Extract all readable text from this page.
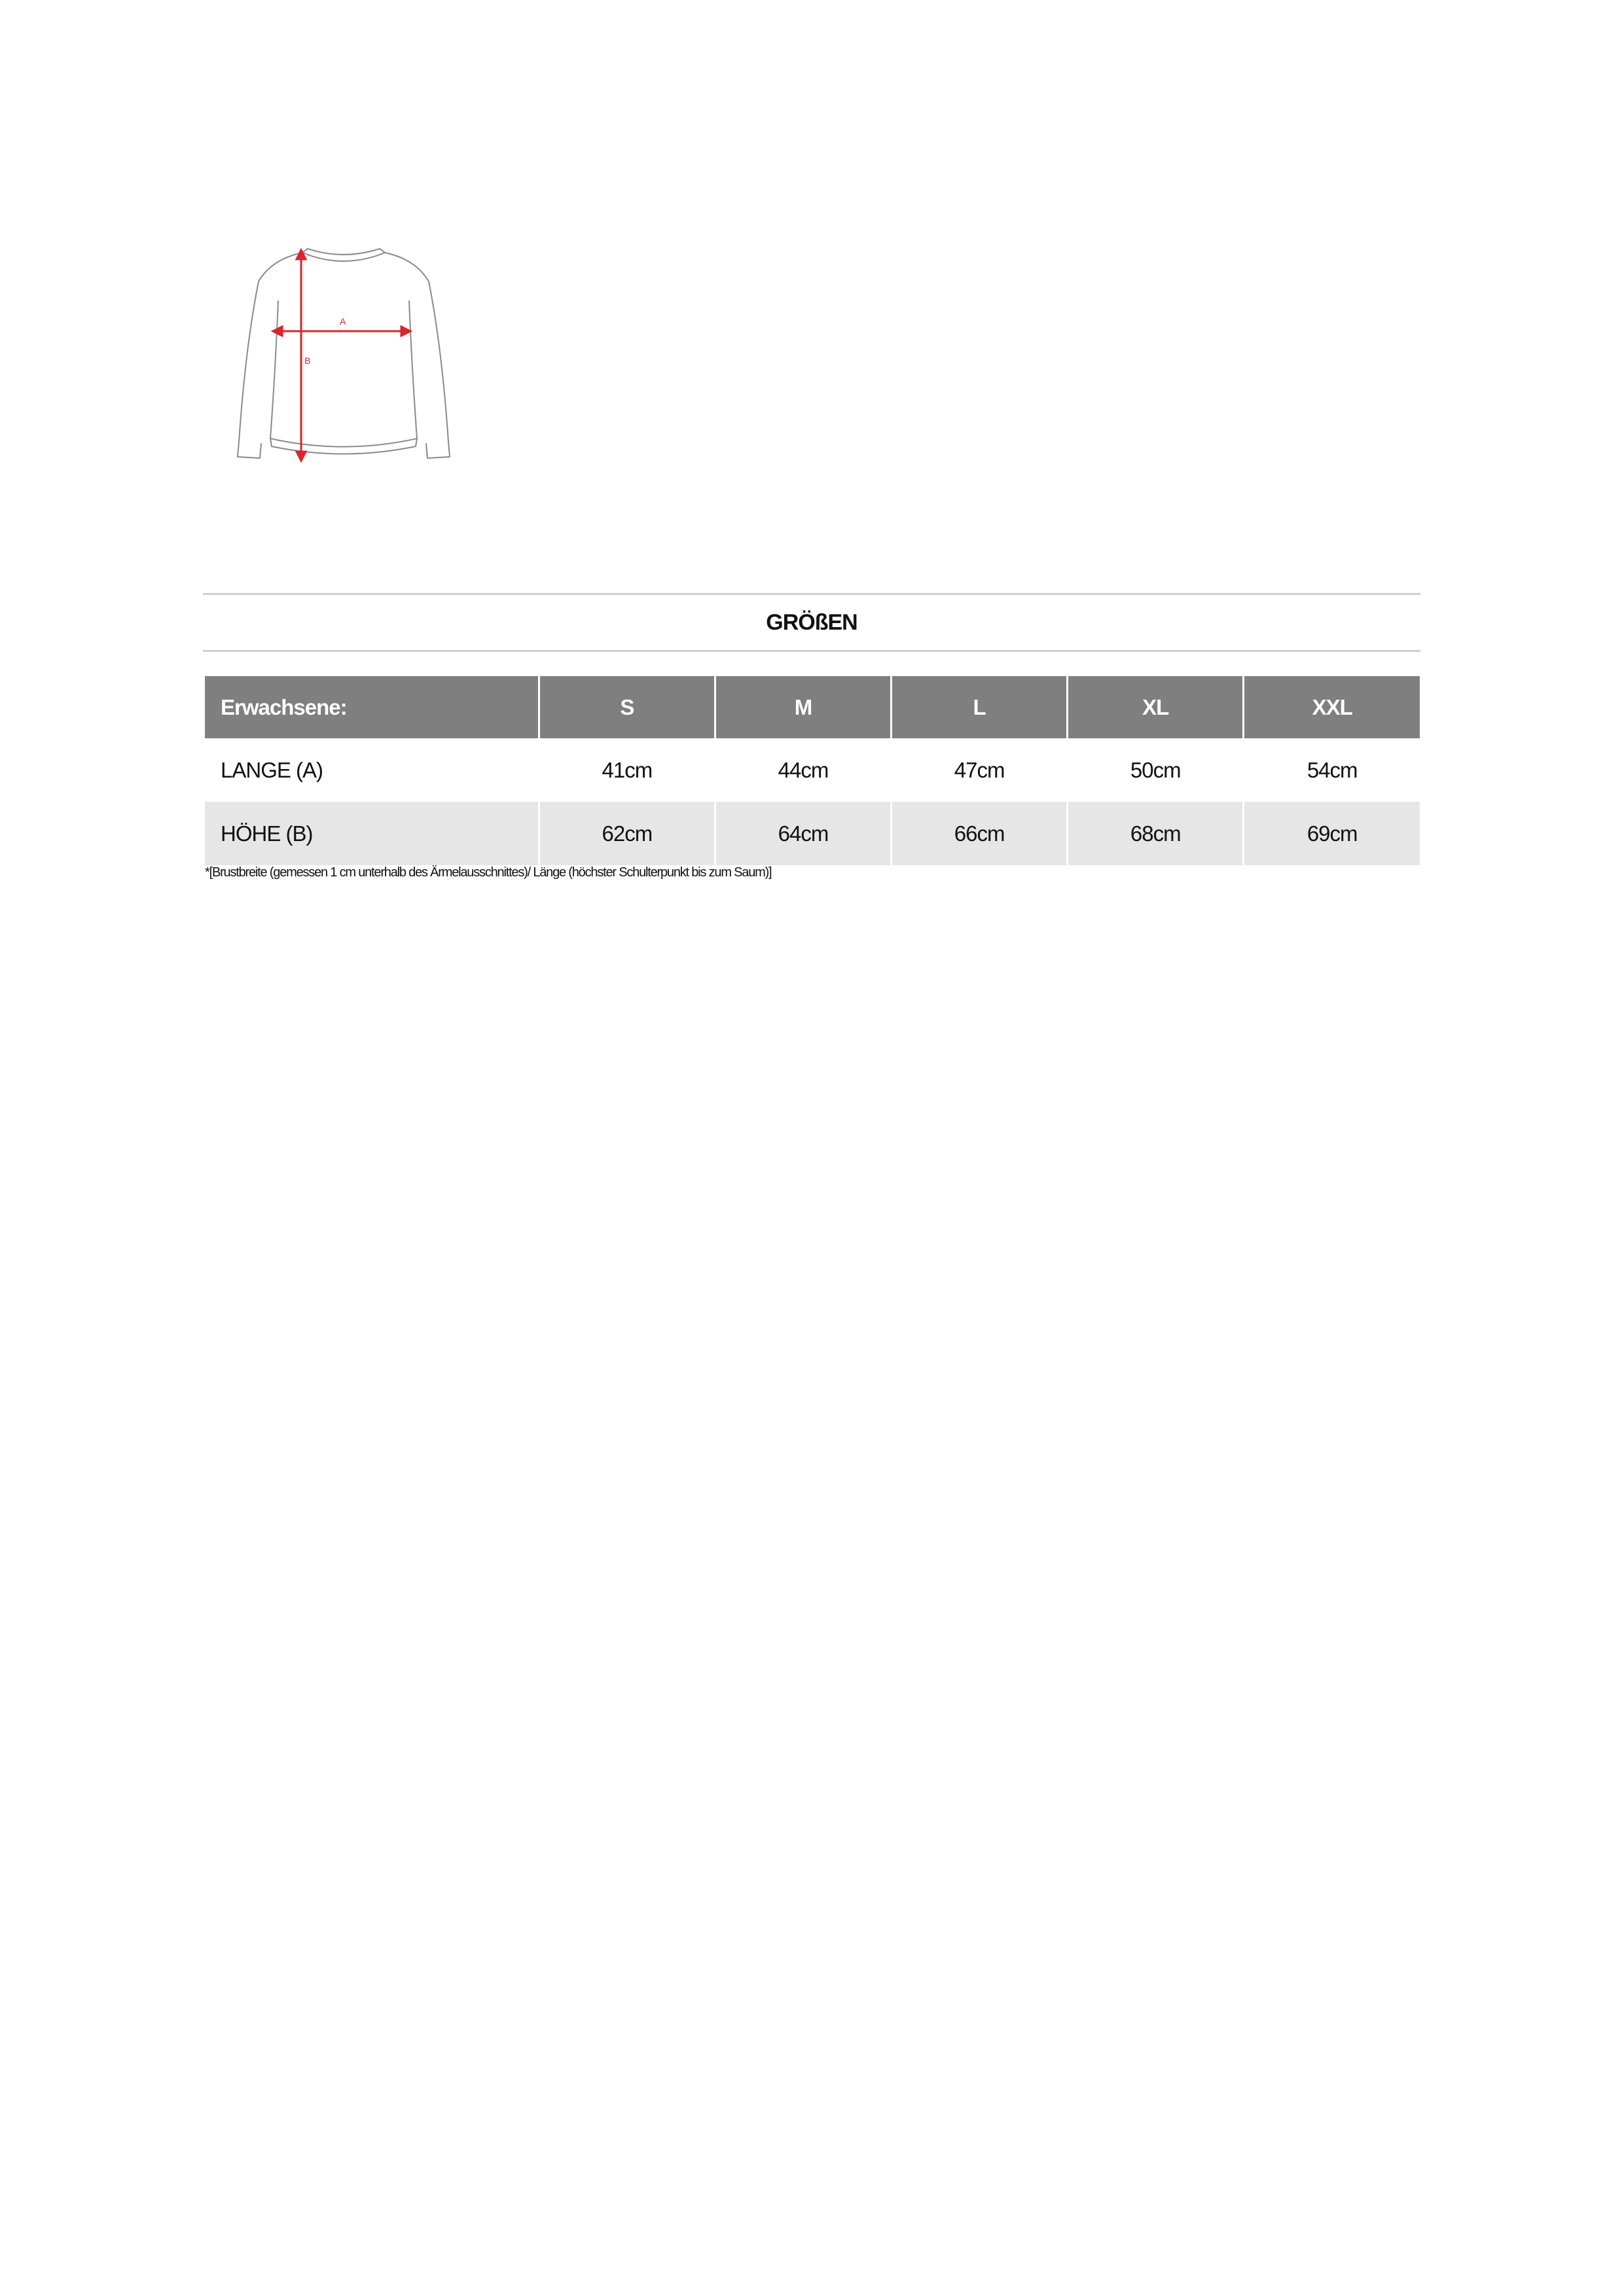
A
B
GRÖßEN
Erwachsene:	S	M	L	XL	XXL
LANGE (A)	41cm	44cm	47cm	50cm	54cm
HÖHE (B)	62cm	64cm	66cm	68cm	69cm
*[Brustbreite (gemessen 1 cm unterhalb des Ärmelausschnittes)/ Länge (höchster Schulterpunkt bis zum Saum)]
